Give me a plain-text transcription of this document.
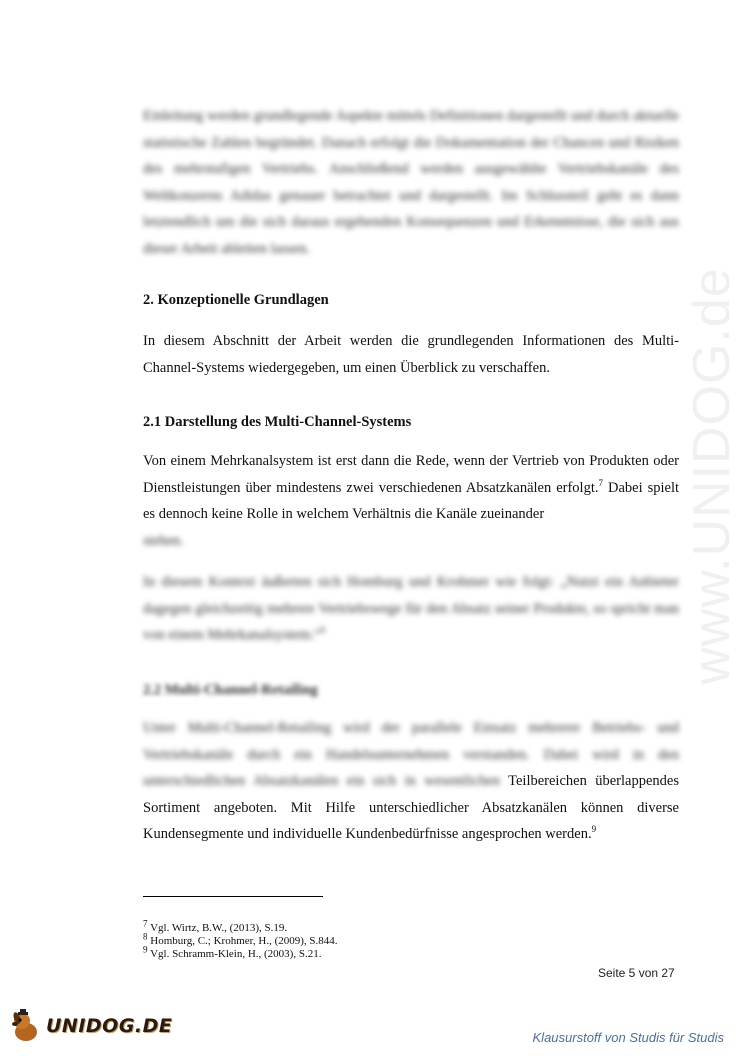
www.UNIDOG.de
Einleitung werden grundlegende Aspekte mittels Definitionen dargestellt und durch aktuelle statistische Zahlen begründet. Danach erfolgt die Dokumentation der Chancen und Risiken des mehrstufigen Vertriebs. Anschließend werden ausgewählte Vertriebskanäle des Weltkonzerns Adidas genauer betrachtet und dargestellt. Im Schlussteil geht es dann letztendlich um die sich daraus ergebenden Konsequenzen und Erkenntnisse, die sich aus dieser Arbeit ableiten lassen.
2. Konzeptionelle Grundlagen
In diesem Abschnitt der Arbeit werden die grundlegenden Informationen des Multi-Channel-Systems wiedergegeben, um einen Überblick zu verschaffen.
2.1 Darstellung des Multi-Channel-Systems
Von einem Mehrkanalsystem ist erst dann die Rede, wenn der Vertrieb von Produkten oder Dienstleistungen über mindestens zwei verschiedenen Absatzkanälen erfolgt.$^7$ Dabei spielt es dennoch keine Rolle in welchem Verhältnis die Kanäle zueinander
stehen.
In diesem Kontext äußerten sich Homburg und Krohmer wie folgt: „Nutzt ein Anbieter dagegen gleichzeitig mehrere Vertriebswege für den Absatz seiner Produkte, so spricht man von einem Mehrkanalsystem.“$^8$
2.2 Multi-Channel-Retailing
Unter Multi-Channel-Retailing wird der parallele Einsatz mehrerer Betriebs- und Vertriebskanäle durch ein Handelsunternehmen verstanden. Dabei wird in den unterschiedlichen Absatzkanälen ein sich in wesentlichen Teilbereichen überlappendes Sortiment angeboten. Mit Hilfe unterschiedlicher Absatzkanälen können diverse Kundensegmente und individuelle Kundenbedürfnisse angesprochen werden.$^9$
$^7$ Vgl. Wirtz, B.W., (2013), S.19.
$^8$ Homburg, C.; Krohmer, H., (2009), S.844.
$^9$ Vgl. Schramm-Klein, H., (2003), S.21.
Seite 5 von 27
UNIDOG.DE
Klausurstoff von Studis für Studis
